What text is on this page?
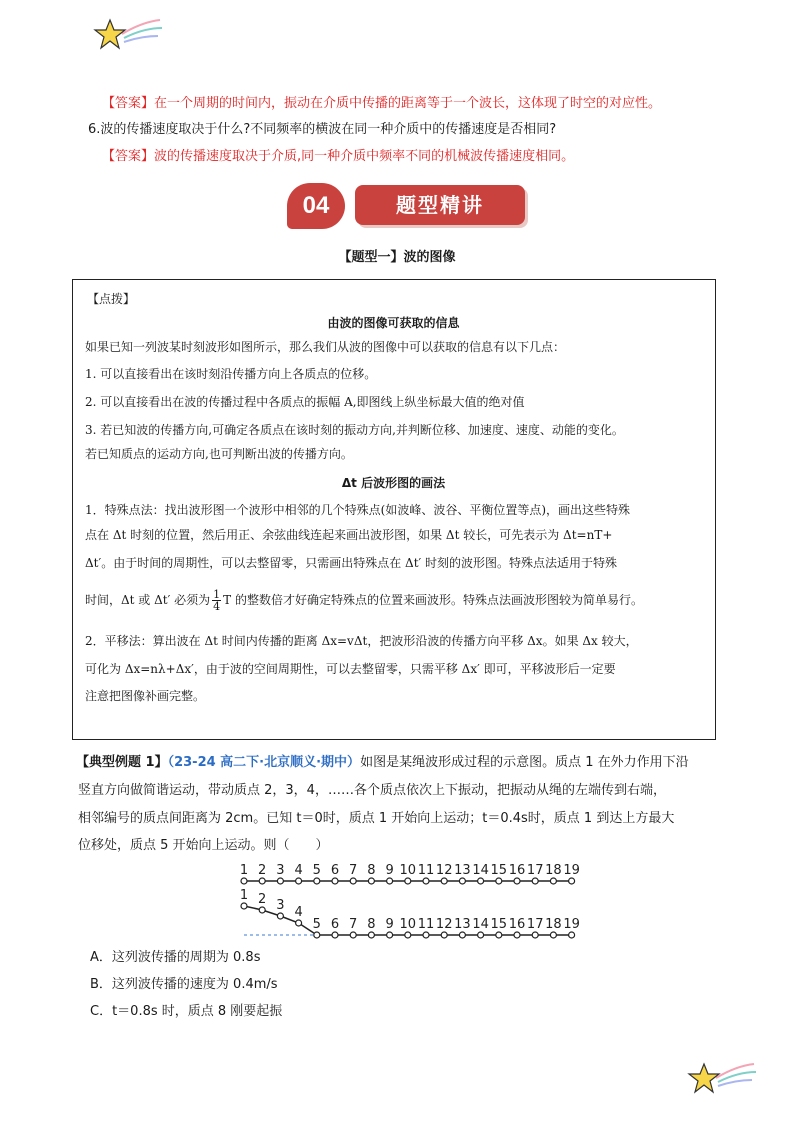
【答案】在一个周期的时间内，振动在介质中传播的距离等于一个波长，这体现了时空的对应性。
6.波的传播速度取决于什么?不同频率的横波在同一种介质中的传播速度是否相同?
【答案】波的传播速度取决于介质,同一种介质中频率不同的机械波传播速度相同。
04	题型精讲
【题型一】波的图像
【点拨】
由波的图像可获取的信息
如果已知一列波某时刻波形如图所示，那么我们从波的图像中可以获取的信息有以下几点：
1. 可以直接看出在该时刻沿传播方向上各质点的位移。
2. 可以直接看出在波的传播过程中各质点的振幅 A,即图线上纵坐标最大值的绝对值
3. 若已知波的传播方向,可确定各质点在该时刻的振动方向,并判断位移、加速度、速度、动能的变化。
若已知质点的运动方向,也可判断出波的传播方向。
Δt 后波形图的画法
1．特殊点法：找出波形图一个波形中相邻的几个特殊点(如波峰、波谷、平衡位置等点)，画出这些特殊
点在 Δt 时刻的位置，然后用正、余弦曲线连起来画出波形图，如果 Δt 较长，可先表示为 Δt=nT+
Δt′。由于时间的周期性，可以去整留零，只需画出特殊点在 Δt′ 时刻的波形图。特殊点法适用于特殊
时间，Δt 或 Δt′ 必须为 $\frac{1}{4}$ T 的整数倍才好确定特殊点的位置来画波形。特殊点法画波形图较为简单易行。
2．平移法：算出波在 Δt 时间内传播的距离 Δx=vΔt，把波形沿波的传播方向平移 Δx。如果 Δx 较大，
可化为 Δx=nλ+Δx′，由于波的空间周期性，可以去整留零，只需平移 Δx′ 即可，平移波形后一定要
注意把图像补画完整。
【典型例题 1】（23-24 高二下·北京顺义·期中）如图是某绳波形成过程的示意图。质点 1 在外力作用下沿
竖直方向做简谐运动，带动质点 2，3，4，……各个质点依次上下振动，把振动从绳的左端传到右端，
相邻编号的质点间距离为 2cm。已知 t＝0时，质点 1 开始向上运动；t＝0.4s时，质点 1 到达上方最大
位移处，质点 5 开始向上运动。则（　　）
1 2 3 4 5 6 7 8 9 10 11 12 13 14 15 16 17 18 19
1 2 3 4
5 6 7 8 9 10 11 12 13 14 15 16 17 18 19
A．这列波传播的周期为 0.8s
B．这列波传播的速度为 0.4m/s
C．t＝0.8s 时，质点 8 刚要起振
